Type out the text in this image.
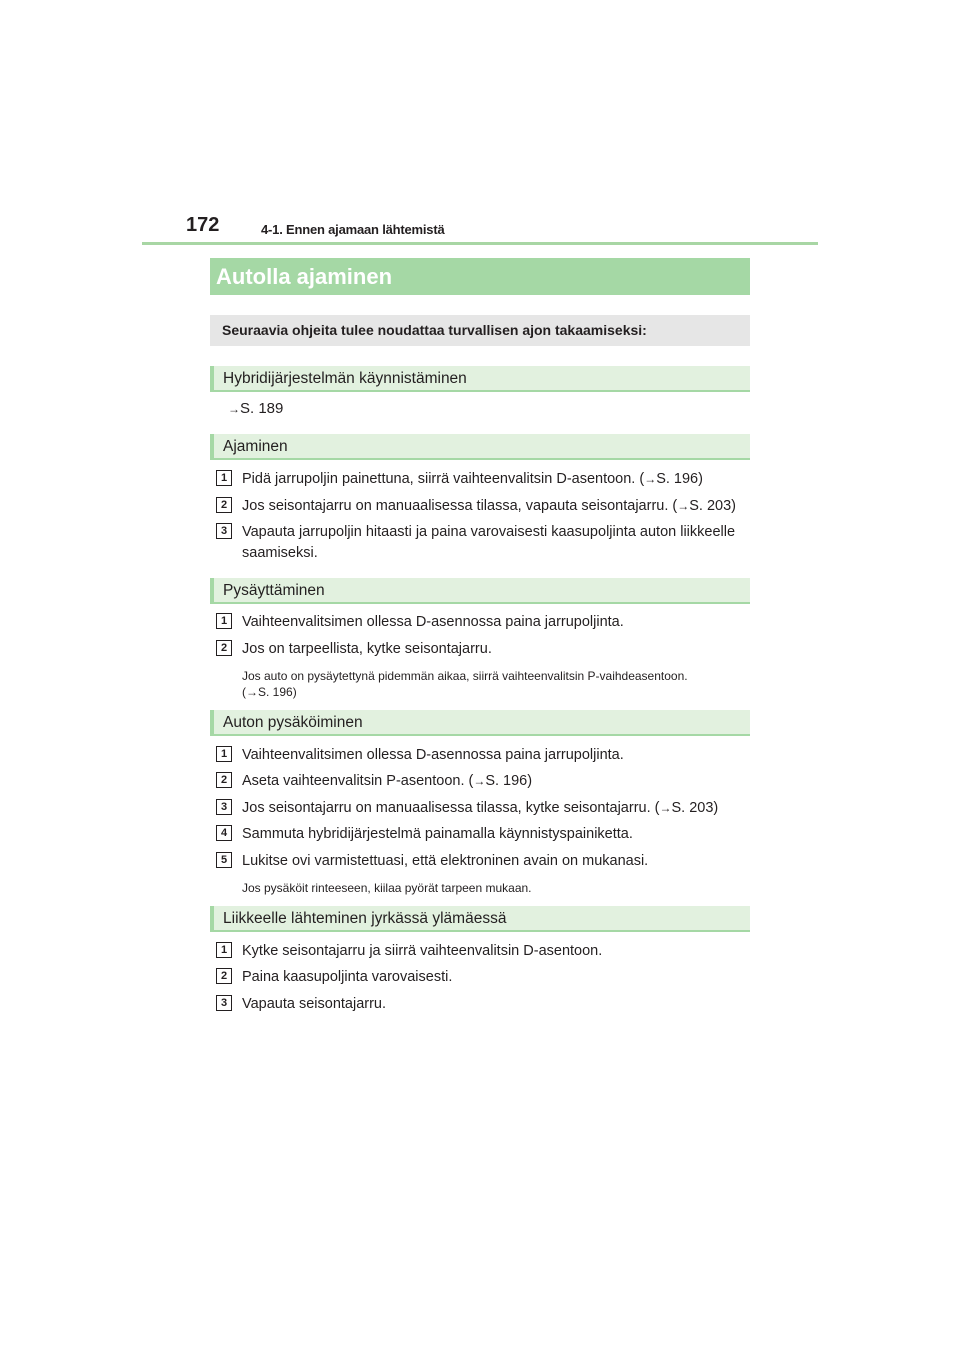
172	4-1. Ennen ajamaan lähtemistä
Autolla ajaminen
Seuraavia ohjeita tulee noudattaa turvallisen ajon takaamiseksi:
Hybridijärjestelmän käynnistäminen
→S. 189
Ajaminen
1	Pidä jarrupoljin painettuna, siirrä vaihteenvalitsin D-asentoon. (→S. 196)
2	Jos seisontajarru on manuaalisessa tilassa, vapauta seisontajarru. (→S. 203)
3	Vapauta jarrupoljin hitaasti ja paina varovaisesti kaasupoljinta auton liikkeelle
saamiseksi.
Pysäyttäminen
1	Vaihteenvalitsimen ollessa D-asennossa paina jarrupoljinta.
2	Jos on tarpeellista, kytke seisontajarru.
Jos auto on pysäytettynä pidemmän aikaa, siirrä vaihteenvalitsin P-vaihdeasentoon.
(→S. 196)
Auton pysäköiminen
1	Vaihteenvalitsimen ollessa D-asennossa paina jarrupoljinta.
2	Aseta vaihteenvalitsin P-asentoon. (→S. 196)
3	Jos seisontajarru on manuaalisessa tilassa, kytke seisontajarru. (→S. 203)
4	Sammuta hybridijärjestelmä painamalla käynnistyspainiketta.
5	Lukitse ovi varmistettuasi, että elektroninen avain on mukanasi.
Jos pysäköit rinteeseen, kiilaa pyörät tarpeen mukaan.
Liikkeelle lähteminen jyrkässä ylämäessä
1	Kytke seisontajarru ja siirrä vaihteenvalitsin D-asentoon.
2	Paina kaasupoljinta varovaisesti.
3	Vapauta seisontajarru.
